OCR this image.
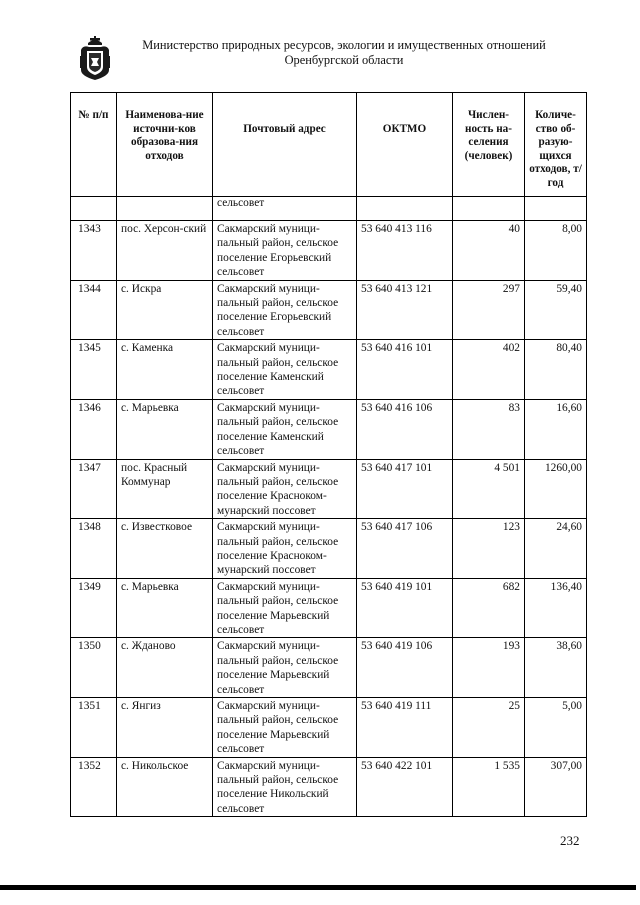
Министерство природных ресурсов, экологии и имущественных отношений
Оренбургской области
№ п/п	Наименова-ние источни-ков образова-ния отходов	Почтовый адрес	ОКТМО	Числен-ность на-селения (человек)	Количе-ство об-разую-щихся отходов, т/год
		сельсовет			
1343	пос. Херсон-ский	Сакмарский муници-пальный район, сельское поселение Егорьевский сельсовет	53 640 413 116	40	8,00
1344	с. Искра	Сакмарский муници-пальный район, сельское поселение Егорьевский сельсовет	53 640 413 121	297	59,40
1345	с. Каменка	Сакмарский муници-пальный район, сельское поселение Каменский сельсовет	53 640 416 101	402	80,40
1346	с. Марьевка	Сакмарский муници-пальный район, сельское поселение Каменский сельсовет	53 640 416 106	83	16,60
1347	пос. Красный Коммунар	Сакмарский муници-пальный район, сельское поселение Красноком-мунарский поссовет	53 640 417 101	4 501	1260,00
1348	с. Известковое	Сакмарский муници-пальный район, сельское поселение Красноком-мунарский поссовет	53 640 417 106	123	24,60
1349	с. Марьевка	Сакмарский муници-пальный район, сельское поселение Марьевский сельсовет	53 640 419 101	682	136,40
1350	с. Жданово	Сакмарский муници-пальный район, сельское поселение Марьевский сельсовет	53 640 419 106	193	38,60
1351	с. Янгиз	Сакмарский муници-пальный район, сельское поселение Марьевский сельсовет	53 640 419 111	25	5,00
1352	с. Никольское	Сакмарский муници-пальный район, сельское поселение Никольский сельсовет	53 640 422 101	1 535	307,00
232
